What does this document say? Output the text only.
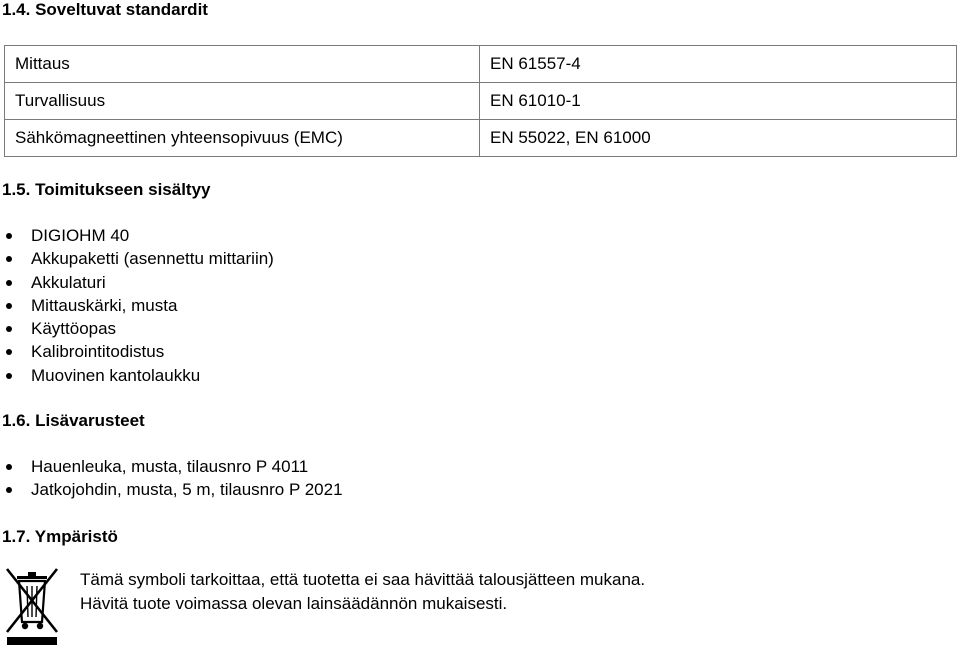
1.4. Soveltuvat standardit
Mittaus	EN 61557-4
Turvallisuus	EN 61010-1
Sähkömagneettinen yhteensopivuus (EMC)	EN 55022, EN 61000
1.5. Toimitukseen sisältyy
DIGIOHM 40
Akkupaketti (asennettu mittariin)
Akkulaturi
Mittauskärki, musta
Käyttöopas
Kalibrointitodistus
Muovinen kantolaukku
1.6. Lisävarusteet
Hauenleuka, musta, tilausnro P 4011
Jatkojohdin, musta, 5 m, tilausnro P 2021
1.7. Ympäristö

Tämä symboli tarkoittaa, että tuotetta ei saa hävittää talousjätteen mukana.
Hävitä tuote voimassa olevan lainsäädännön mukaisesti.
